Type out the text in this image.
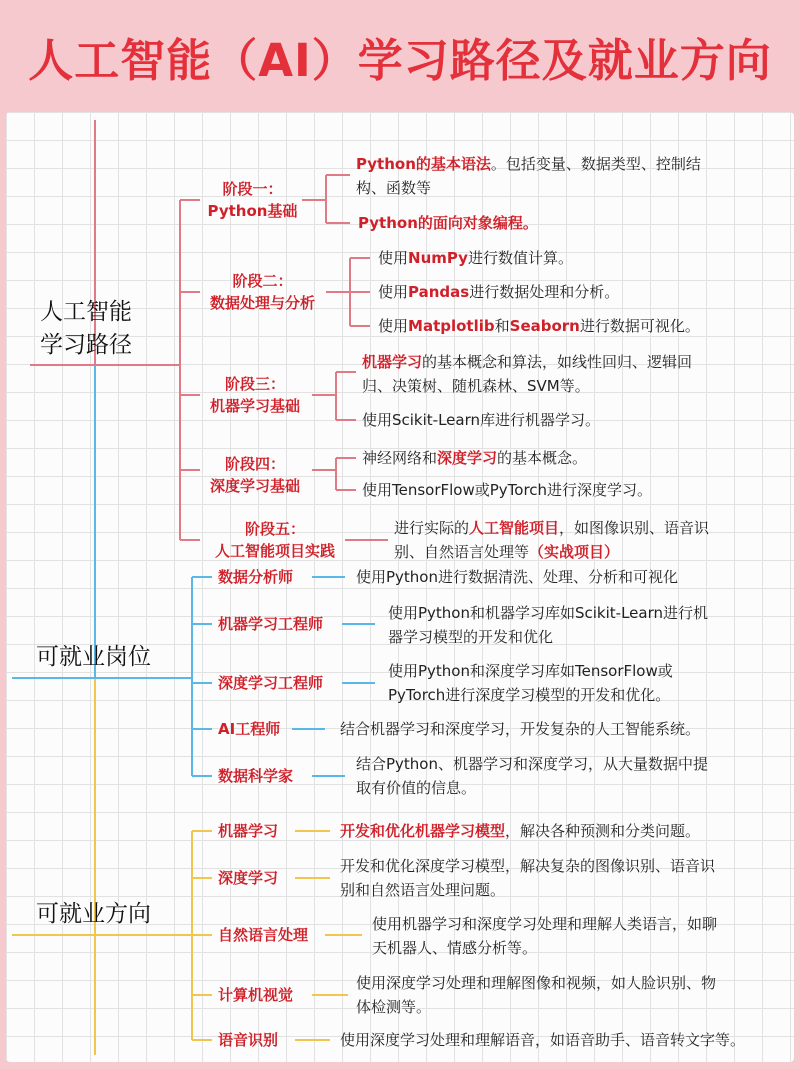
人工智能（AI）学习路径及就业方向
人工智能
学习路径
可就业岗位
可就业方向
阶段一：
Python基础
阶段二：
数据处理与分析
阶段三：
机器学习基础
阶段四：
深度学习基础
阶段五：
人工智能项目实践
Python的基本语法。包括变量、数据类型、控制结
构、函数等
Python的面向对象编程。
使用NumPy进行数值计算。
使用Pandas进行数据处理和分析。
使用Matplotlib和Seaborn进行数据可视化。
机器学习的基本概念和算法，如线性回归、逻辑回
归、决策树、随机森林、SVM等。
使用Scikit-Learn库进行机器学习。
神经网络和深度学习的基本概念。
使用TensorFlow或PyTorch进行深度学习。
进行实际的人工智能项目，如图像识别、语音识
别、自然语言处理等（实战项目）
数据分析师	使用Python进行数据清洗、处理、分析和可视化
机器学习工程师
使用Python和机器学习库如Scikit-Learn进行机
器学习模型的开发和优化
深度学习工程师
使用Python和深度学习库如TensorFlow或
PyTorch进行深度学习模型的开发和优化。
AI工程师	结合机器学习和深度学习，开发复杂的人工智能系统。
数据科学家
结合Python、机器学习和深度学习，从大量数据中提
取有价值的信息。
机器学习	开发和优化机器学习模型，解决各种预测和分类问题。
深度学习
开发和优化深度学习模型，解决复杂的图像识别、语音识
别和自然语言处理问题。
自然语言处理
使用机器学习和深度学习处理和理解人类语言，如聊
天机器人、情感分析等。
计算机视觉
使用深度学习处理和理解图像和视频，如人脸识别、物
体检测等。
语音识别	使用深度学习处理和理解语音，如语音助手、语音转文字等。
